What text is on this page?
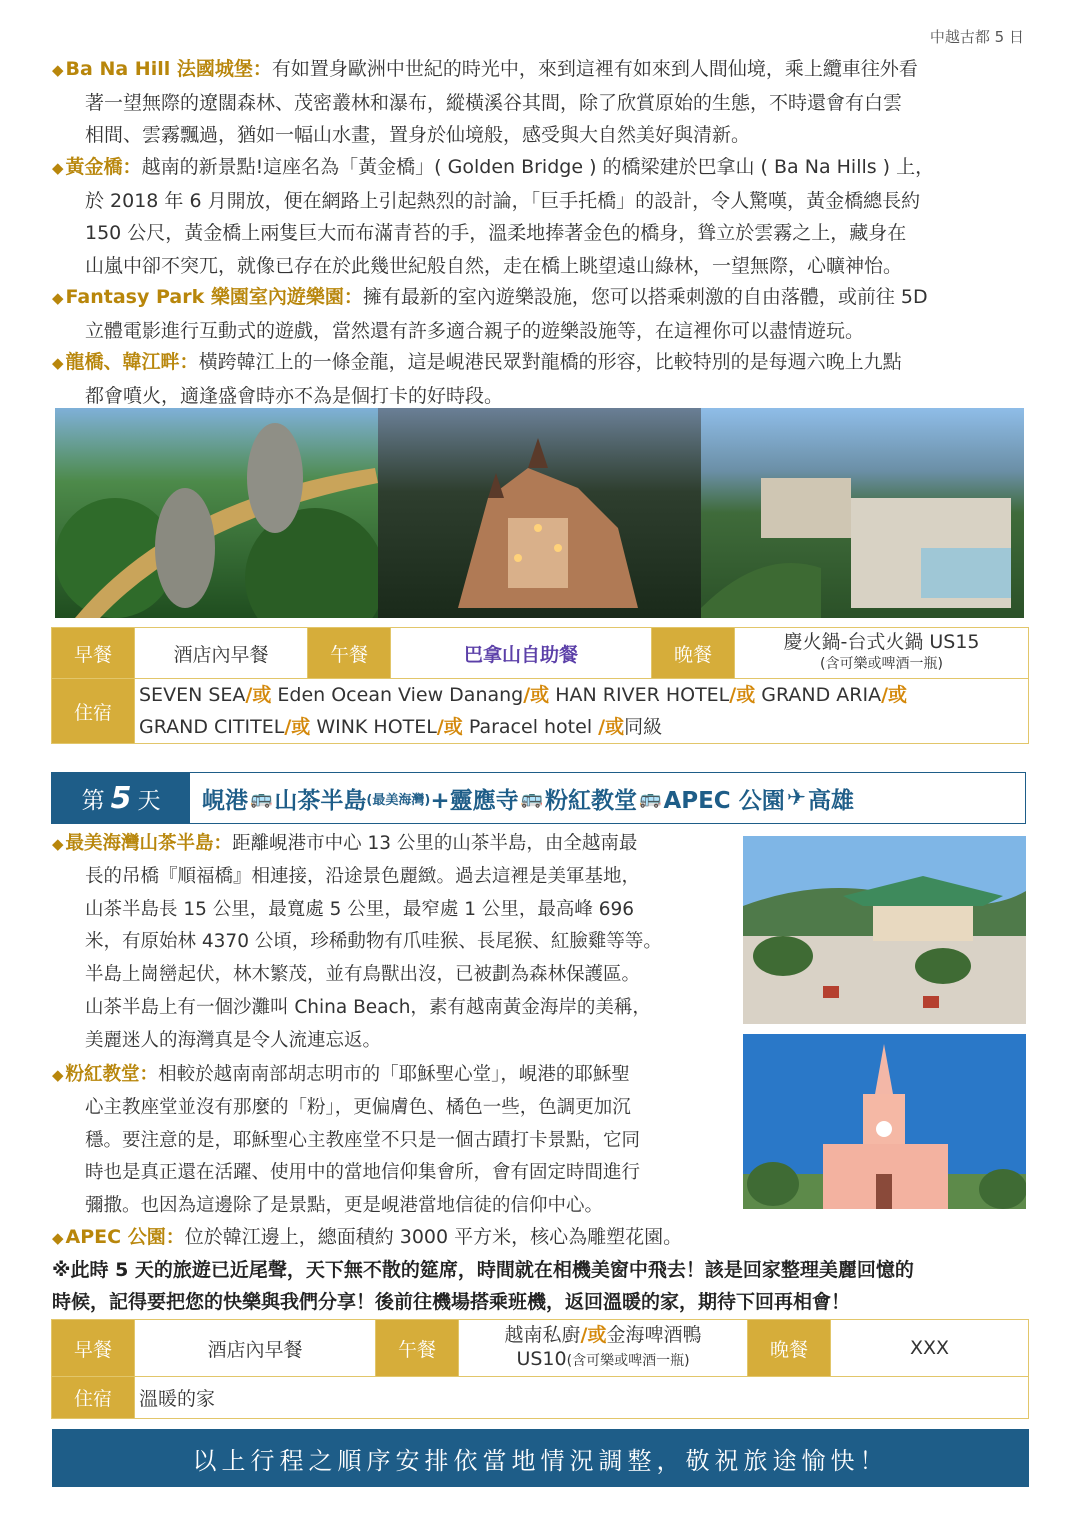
中越古都 5 日
◆ Ba Na Hill 法國城堡：有如置身歐洲中世紀的時光中，來到這裡有如來到人間仙境，乘上纜車往外看
著一望無際的遼闊森林、茂密叢林和瀑布，縱橫溪谷其間，除了欣賞原始的生態，不時還會有白雲
相間、雲霧飄過，猶如一幅山水畫，置身於仙境般，感受與大自然美好與清新。
◆ 黃金橋：越南的新景點!這座名為「黃金橋」( Golden Bridge ) 的橋梁建於巴拿山 ( Ba Na Hills ) 上，
於 2018 年 6 月開放，便在網路上引起熱烈的討論，「巨手托橋」的設計，令人驚嘆，黃金橋總長約
150 公尺，黃金橋上兩隻巨大而布滿青苔的手，溫柔地捧著金色的橋身，聳立於雲霧之上，藏身在
山嵐中卻不突兀，就像已存在於此幾世紀般自然，走在橋上眺望遠山綠林，一望無際，心曠神怡。
◆ Fantasy Park 樂園室內遊樂園：擁有最新的室內遊樂設施，您可以搭乘刺激的自由落體，或前往 5D
立體電影進行互動式的遊戲，當然還有許多適合親子的遊樂設施等，在這裡你可以盡情遊玩。
◆ 龍橋、韓江畔：橫跨韓江上的一條金龍，這是峴港民眾對龍橋的形容，比較特別的是每週六晚上九點
都會噴火，適逢盛會時亦不為是個打卡的好時段。
早餐	酒店內早餐	午餐	巴拿山自助餐	晚餐	慶火鍋-台式火鍋 US15
(含可樂或啤酒一瓶)

住宿	SEVEN SEA/或 Eden Ocean View Danang/或 HAN RIVER HOTEL/或 GRAND ARIA/或
GRAND CITITEL/或 WINK HOTEL/或 Paracel hotel /或同級				
第 5 天 峴港 🚌 山茶半島 (最美海灣) +靈應寺 🚌 粉紅教堂 🚌 APEC 公園 ✈ 高雄
◆ 最美海灣山茶半島：距離峴港市中心 13 公里的山茶半島，由全越南最
長的吊橋『順福橋』相連接，沿途景色麗緻。過去這裡是美軍基地，
山茶半島長 15 公里，最寬處 5 公里，最窄處 1 公里，最高峰 696
米，有原始林 4370 公頃，珍稀動物有爪哇猴、長尾猴、紅臉雞等等。
半島上崗巒起伏，林木繁茂，並有鳥獸出沒，已被劃為森林保護區。
山茶半島上有一個沙灘叫 China Beach，素有越南黃金海岸的美稱，
美麗迷人的海灣真是令人流連忘返。
◆ 粉紅教堂：相較於越南南部胡志明市的「耶穌聖心堂」，峴港的耶穌聖
心主教座堂並沒有那麼的「粉」，更偏膚色、橘色一些，色調更加沉
穩。要注意的是，耶穌聖心主教座堂不只是一個古蹟打卡景點，它同
時也是真正還在活躍、使用中的當地信仰集會所，會有固定時間進行
彌撒。也因為這邊除了是景點，更是峴港當地信徒的信仰中心。
◆ APEC 公園：位於韓江邊上，總面積約 3000 平方米，核心為雕塑花園。
※此時 5 天的旅遊已近尾聲，天下無不散的筵席，時間就在相機美窗中飛去！該是回家整理美麗回憶的
時候，記得要把您的快樂與我們分享！後前往機場搭乘班機，返回溫暖的家，期待下回再相會！
早餐	酒店內早餐	午餐	越南私廚/或金海啤酒鴨
US10(含可樂或啤酒一瓶)	晚餐	XXX
住宿	溫暖的家				
以上行程之順序安排依當地情況調整，敬祝旅途愉快！
